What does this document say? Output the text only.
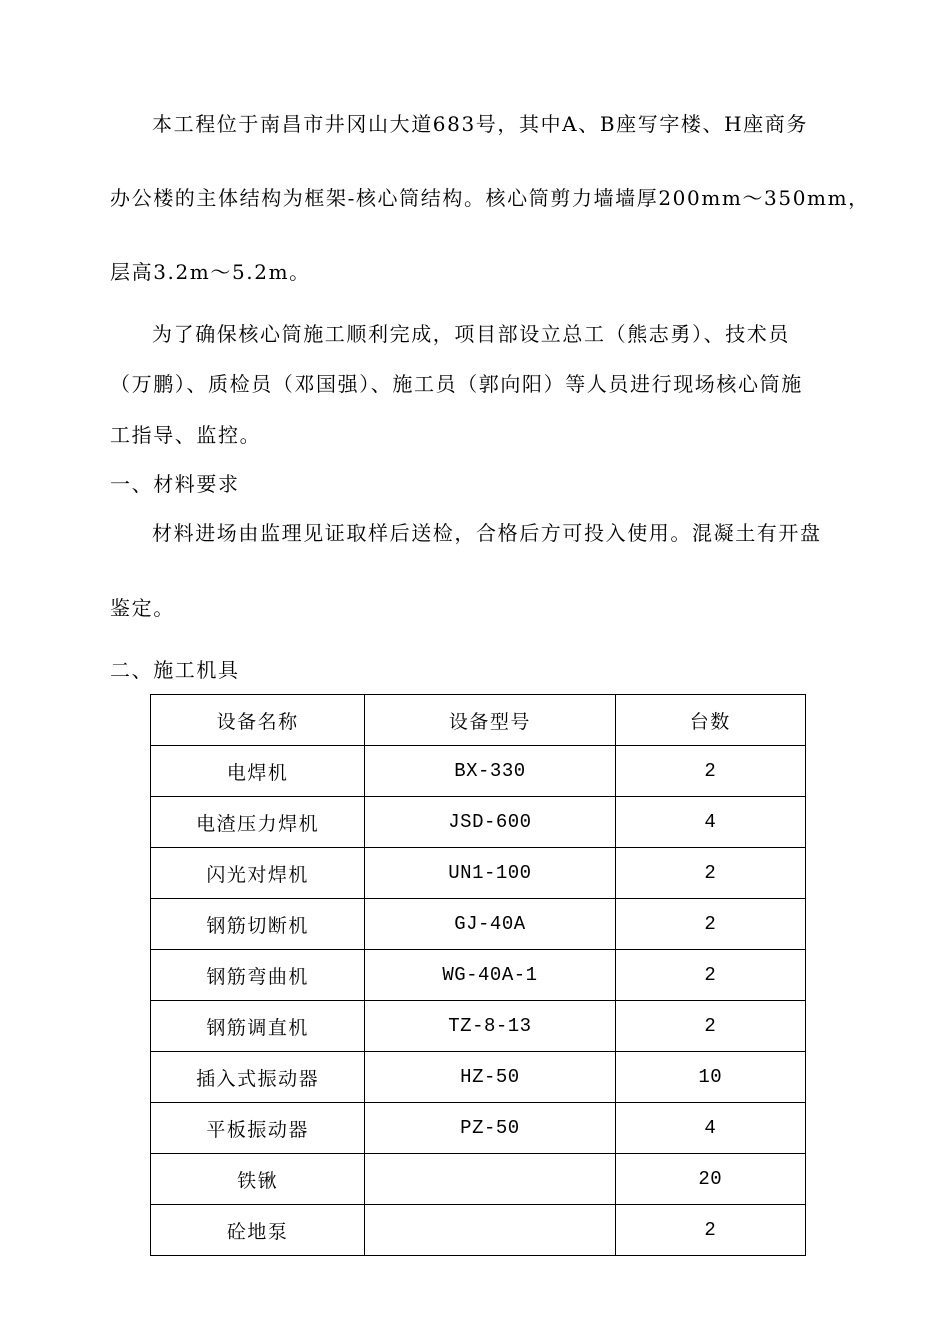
本工程位于南昌市井冈山大道683号，其中A、B座写字楼、H座商务
办公楼的主体结构为框架-核心筒结构。核心筒剪力墙墙厚200mm～350mm，
层高3.2m～5.2m。
为了确保核心筒施工顺利完成，项目部设立总工（熊志勇）、技术员
（万鹏）、质检员（邓国强）、施工员（郭向阳）等人员进行现场核心筒施
工指导、监控。
一、材料要求
材料进场由监理见证取样后送检，合格后方可投入使用。混凝土有开盘
鉴定。
二、施工机具
设备名称	设备型号	台数
电焊机	BX-330	2
电渣压力焊机	JSD-600	4
闪光对焊机	UN1-100	2
钢筋切断机	GJ-40A	2
钢筋弯曲机	WG-40A-1	2
钢筋调直机	TZ-8-13	2
插入式振动器	HZ-50	10
平板振动器	PZ-50	4
铁锹		20
砼地泵		2
